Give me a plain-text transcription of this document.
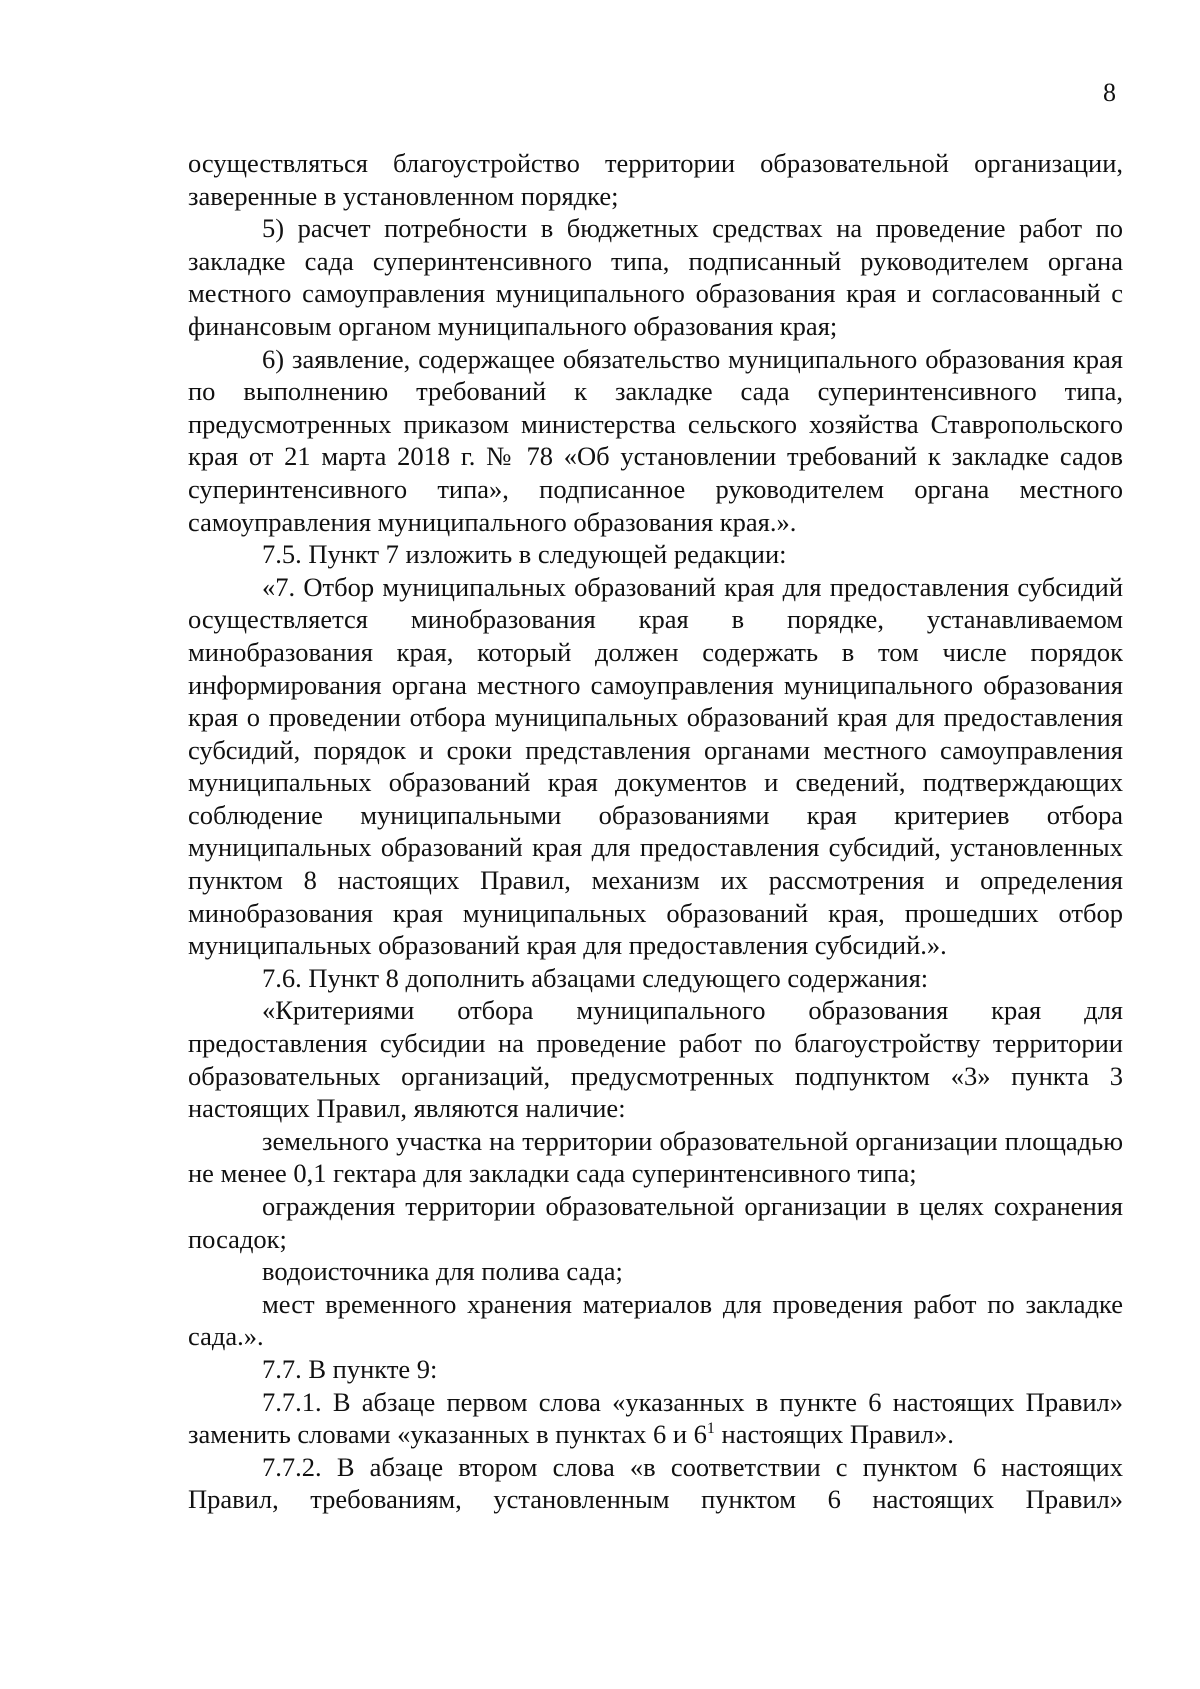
8

осуществляться благоустройство территории образовательной организации, заверенные в установленном порядке;

5) расчет потребности в бюджетных средствах на проведение работ по закладке сада суперинтенсивного типа, подписанный руководителем органа местного самоуправления муниципального образования края и согласованный с финансовым органом муниципального образования края;

6) заявление, содержащее обязательство муниципального образования края по выполнению требований к закладке сада суперинтенсивного типа, предусмотренных приказом министерства сельского хозяйства Ставропольского края от 21 марта 2018 г. № 78 «Об установлении требований к закладке садов суперинтенсивного типа», подписанное руководителем органа местного самоуправления муниципального образования края.».

7.5. Пункт 7 изложить в следующей редакции:

«7. Отбор муниципальных образований края для предоставления субсидий осуществляется минобразования края в порядке, устанавливаемом минобразования края, который должен содержать в том числе порядок информирования органа местного самоуправления муниципального образования края о проведении отбора муниципальных образований края для предоставления субсидий, порядок и сроки представления органами местного самоуправления муниципальных образований края документов и сведений, подтверждающих соблюдение муниципальными образованиями края критериев отбора муниципальных образований края для предоставления субсидий, установленных пунктом 8 настоящих Правил, механизм их рассмотрения и определения минобразования края муниципальных образований края, прошедших отбор муниципальных образований края для предоставления субсидий.».

7.6. Пункт 8 дополнить абзацами следующего содержания:

«Критериями отбора муниципального образования края для предоставления субсидии на проведение работ по благоустройству территории образовательных организаций, предусмотренных подпунктом «3» пункта 3 настоящих Правил, являются наличие:

земельного участка на территории образовательной организации площадью не менее 0,1 гектара для закладки сада суперинтенсивного типа;

ограждения территории образовательной организации в целях сохранения посадок;

водоисточника для полива сада;

мест временного хранения материалов для проведения работ по закладке сада.».

7.7. В пункте 9:

7.7.1. В абзаце первом слова «указанных в пункте 6 настоящих Правил» заменить словами «указанных в пунктах 6 и $6^1$ настоящих Правил».

7.7.2. В абзаце втором слова «в соответствии с пунктом 6 настоящих Правил, требованиям, установленным пунктом 6 настоящих Правил»
